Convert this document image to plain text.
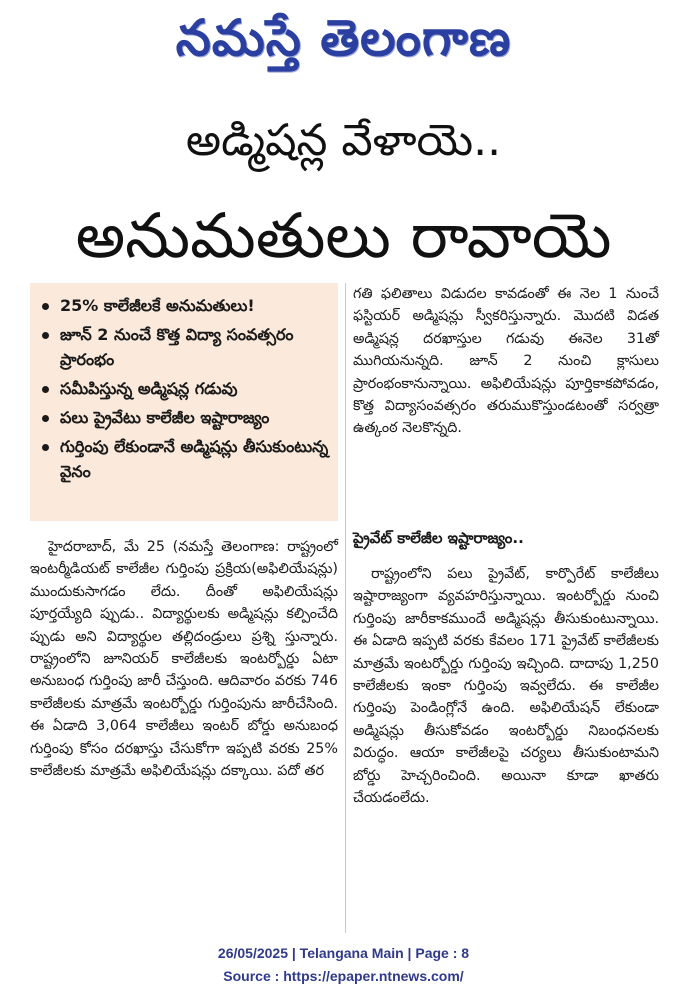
నమస్తే తెలంగాణ
అడ్మిషన్ల వేళాయె..
అనుమతులు రావాయె
25% కాలేజీలకే అనుమతులు!
జూన్ 2 నుంచే కొత్త విద్యా సంవత్సరం ప్రారంభం
సమీపిస్తున్న అడ్మిషన్ల గడువు
పలు ప్రైవేటు కాలేజీల ఇష్టారాజ్యం
గుర్తింపు లేకుండానే అడ్మిషన్లు తీసుకుంటున్న వైనం

హైదరాబాద్, మే 25 (నమస్తే తెలంగాణ: రాష్ట్రంలో ఇంటర్మీడియట్ కాలేజీల గుర్తింపు ప్రక్రియ(అఫిలియేషన్లు) ముందుకుసాగడం లేదు. దీంతో అఫిలియేషన్లు పూర్తయ్యేది ప్పుడు.. విద్యార్థులకు అడ్మిషన్లు కల్పించేది ప్పుడు అని విద్యార్థుల తల్లిదండ్రులు ప్రశ్ని స్తున్నారు. రాష్ట్రంలోని జూనియర్ కాలేజీలకు ఇంటర్బోర్డు ఏటా అనుబంధ గుర్తింపు జారీ చేస్తుంది. ఆదివారం వరకు 746 కాలేజీలకు మాత్రమే ఇంటర్బోర్డు గుర్తింపును జారీచేసింది. ఈ ఏడాది 3,064 కాలేజీలు ఇంటర్ బోర్డు అనుబంధ గుర్తింపు కోసం దరఖాస్తు చేసుకోగా ఇప్పటి వరకు 25% కాలేజీలకు మాత్రమే అఫిలియేషన్లు దక్కాయి. పదో తర

గతి ఫలితాలు విడుదల కావడంతో ఈ నెల 1 నుంచే ఫస్టియర్ అడ్మిషన్లు స్వీకరిస్తున్నారు. మొదటి విడత అడ్మిషన్ల దరఖాస్తుల గడువు ఈనెల 31తో ముగియనున్నది. జూన్ 2 నుంచి క్లాసులు ప్రారంభంకానున్నాయి. అఫిలియేషన్లు పూర్తికాకపోవడం, కొత్త విద్యాసంవత్సరం తరుముకొస్తుండటంతో సర్వత్రా ఉత్కంఠ నెలకొన్నది.

ప్రైవేట్ కాలేజీల ఇష్టారాజ్యం..

రాష్ట్రంలోని పలు ప్రైవేట్, కార్పొరేట్ కాలేజీలు ఇష్టారాజ్యంగా వ్యవహరిస్తున్నాయి. ఇంటర్బోర్డు నుంచి గుర్తింపు జారీకాకముందే అడ్మిషన్లు తీసుకుంటున్నాయి. ఈ ఏడాది ఇప్పటి వరకు కేవలం 171 ప్రైవేట్ కాలేజీలకు మాత్రమే ఇంటర్బోర్డు గుర్తింపు ఇచ్చింది. దాదాపు 1,250 కాలేజీలకు ఇంకా గుర్తింపు ఇవ్వలేదు. ఈ కాలేజీల గుర్తింపు పెండింగ్లోనే ఉంది. అఫిలియేషన్ లేకుండా అడ్మిషన్లు తీసుకోవడం ఇంటర్బోర్డు నిబంధనలకు విరుద్ధం. ఆయా కాలేజీలపై చర్యలు తీసుకుంటామని బోర్డు హెచ్చరించింది. అయినా కూడా ఖాతరు చేయడంలేదు.

26/05/2025 | Telangana Main | Page : 8
Source : https://epaper.ntnews.com/
